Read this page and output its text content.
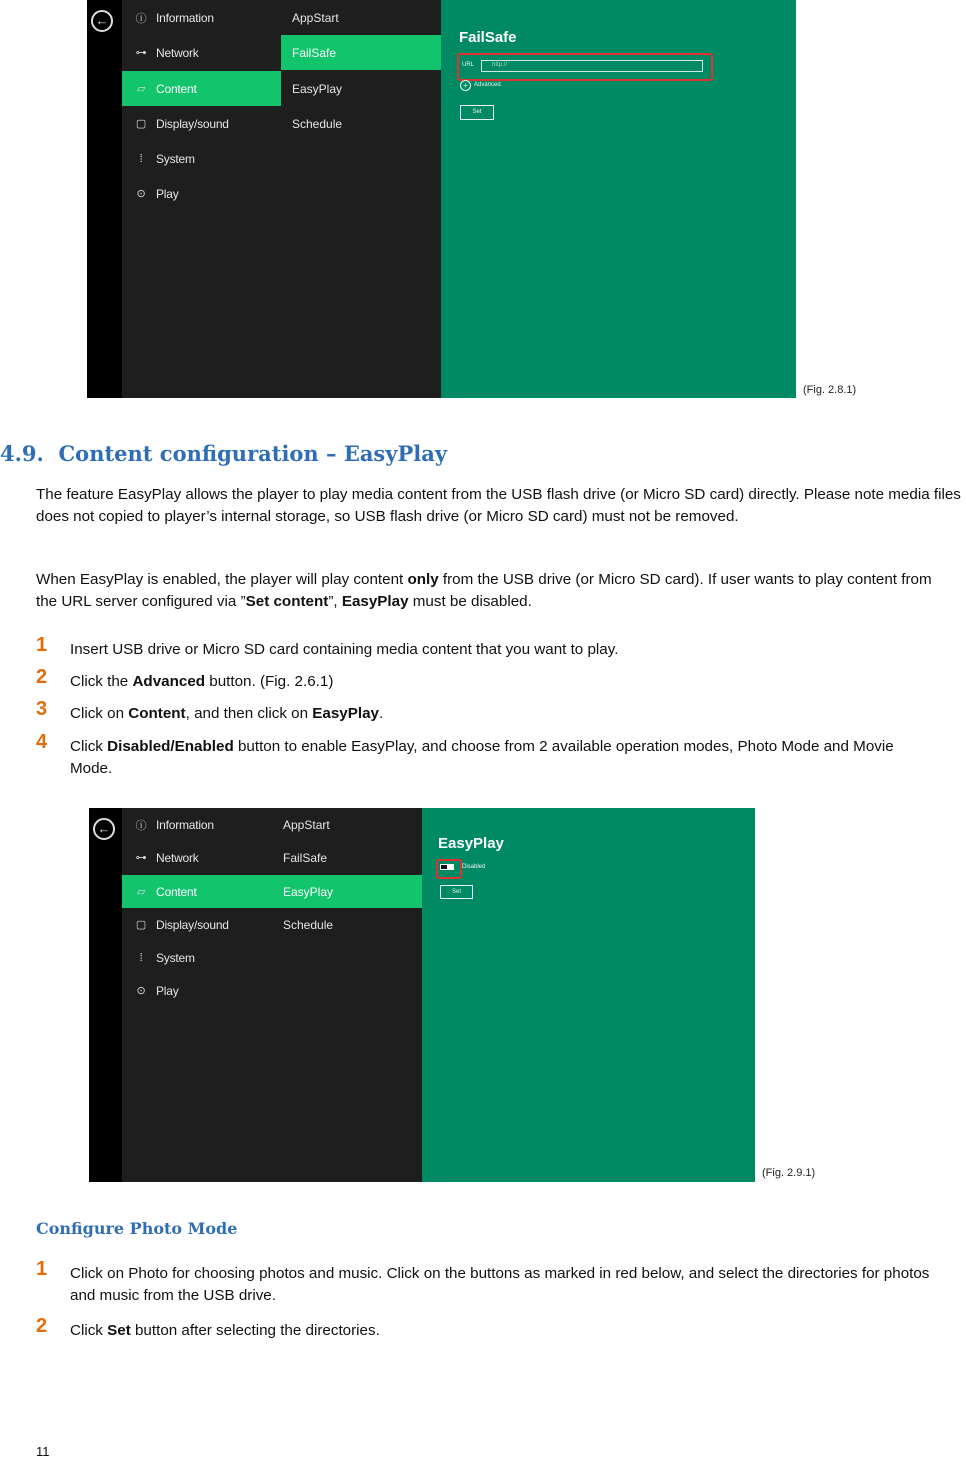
←	ⓘ Information
⊶ Network
▱ Content
▢ Display/sound
⁞	System
⊙ Play
AppStart
FailSafe
EasyPlay
Schedule
FailSafe
URL	http://
+	Advanced
Set
(Fig. 2.8.1)
4.9.  Content configuration – EasyPlay

The feature EasyPlay allows the player to play media content from the USB flash drive (or Micro SD card) directly. Please note media files does not copied to player’s internal storage, so USB flash drive (or Micro SD card) must not be removed.

When EasyPlay is enabled, the player will play content only from the USB drive (or Micro SD card). If user wants to play content from the URL server configured via ”Set content”, EasyPlay must be disabled.

1 Insert USB drive or Micro SD card containing media content that you want to play.

2 Click the Advanced button. (Fig. 2.6.1)

3 Click on Content, and then click on EasyPlay.

4 Click Disabled/Enabled button to enable EasyPlay, and choose from 2 available operation modes, Photo Mode and Movie Mode.

←	ⓘ Information
⊶ Network
▱ Content
▢ Display/sound
⁞	System
⊙ Play
AppStart
FailSafe
EasyPlay
Schedule
EasyPlay
Disabled
Set
(Fig. 2.9.1)
Configure Photo Mode
1 Click on Photo for choosing photos and music. Click on the buttons as marked in red below, and select the directories for photos and music from the USB drive.

2 Click Set button after selecting the directories.

11
